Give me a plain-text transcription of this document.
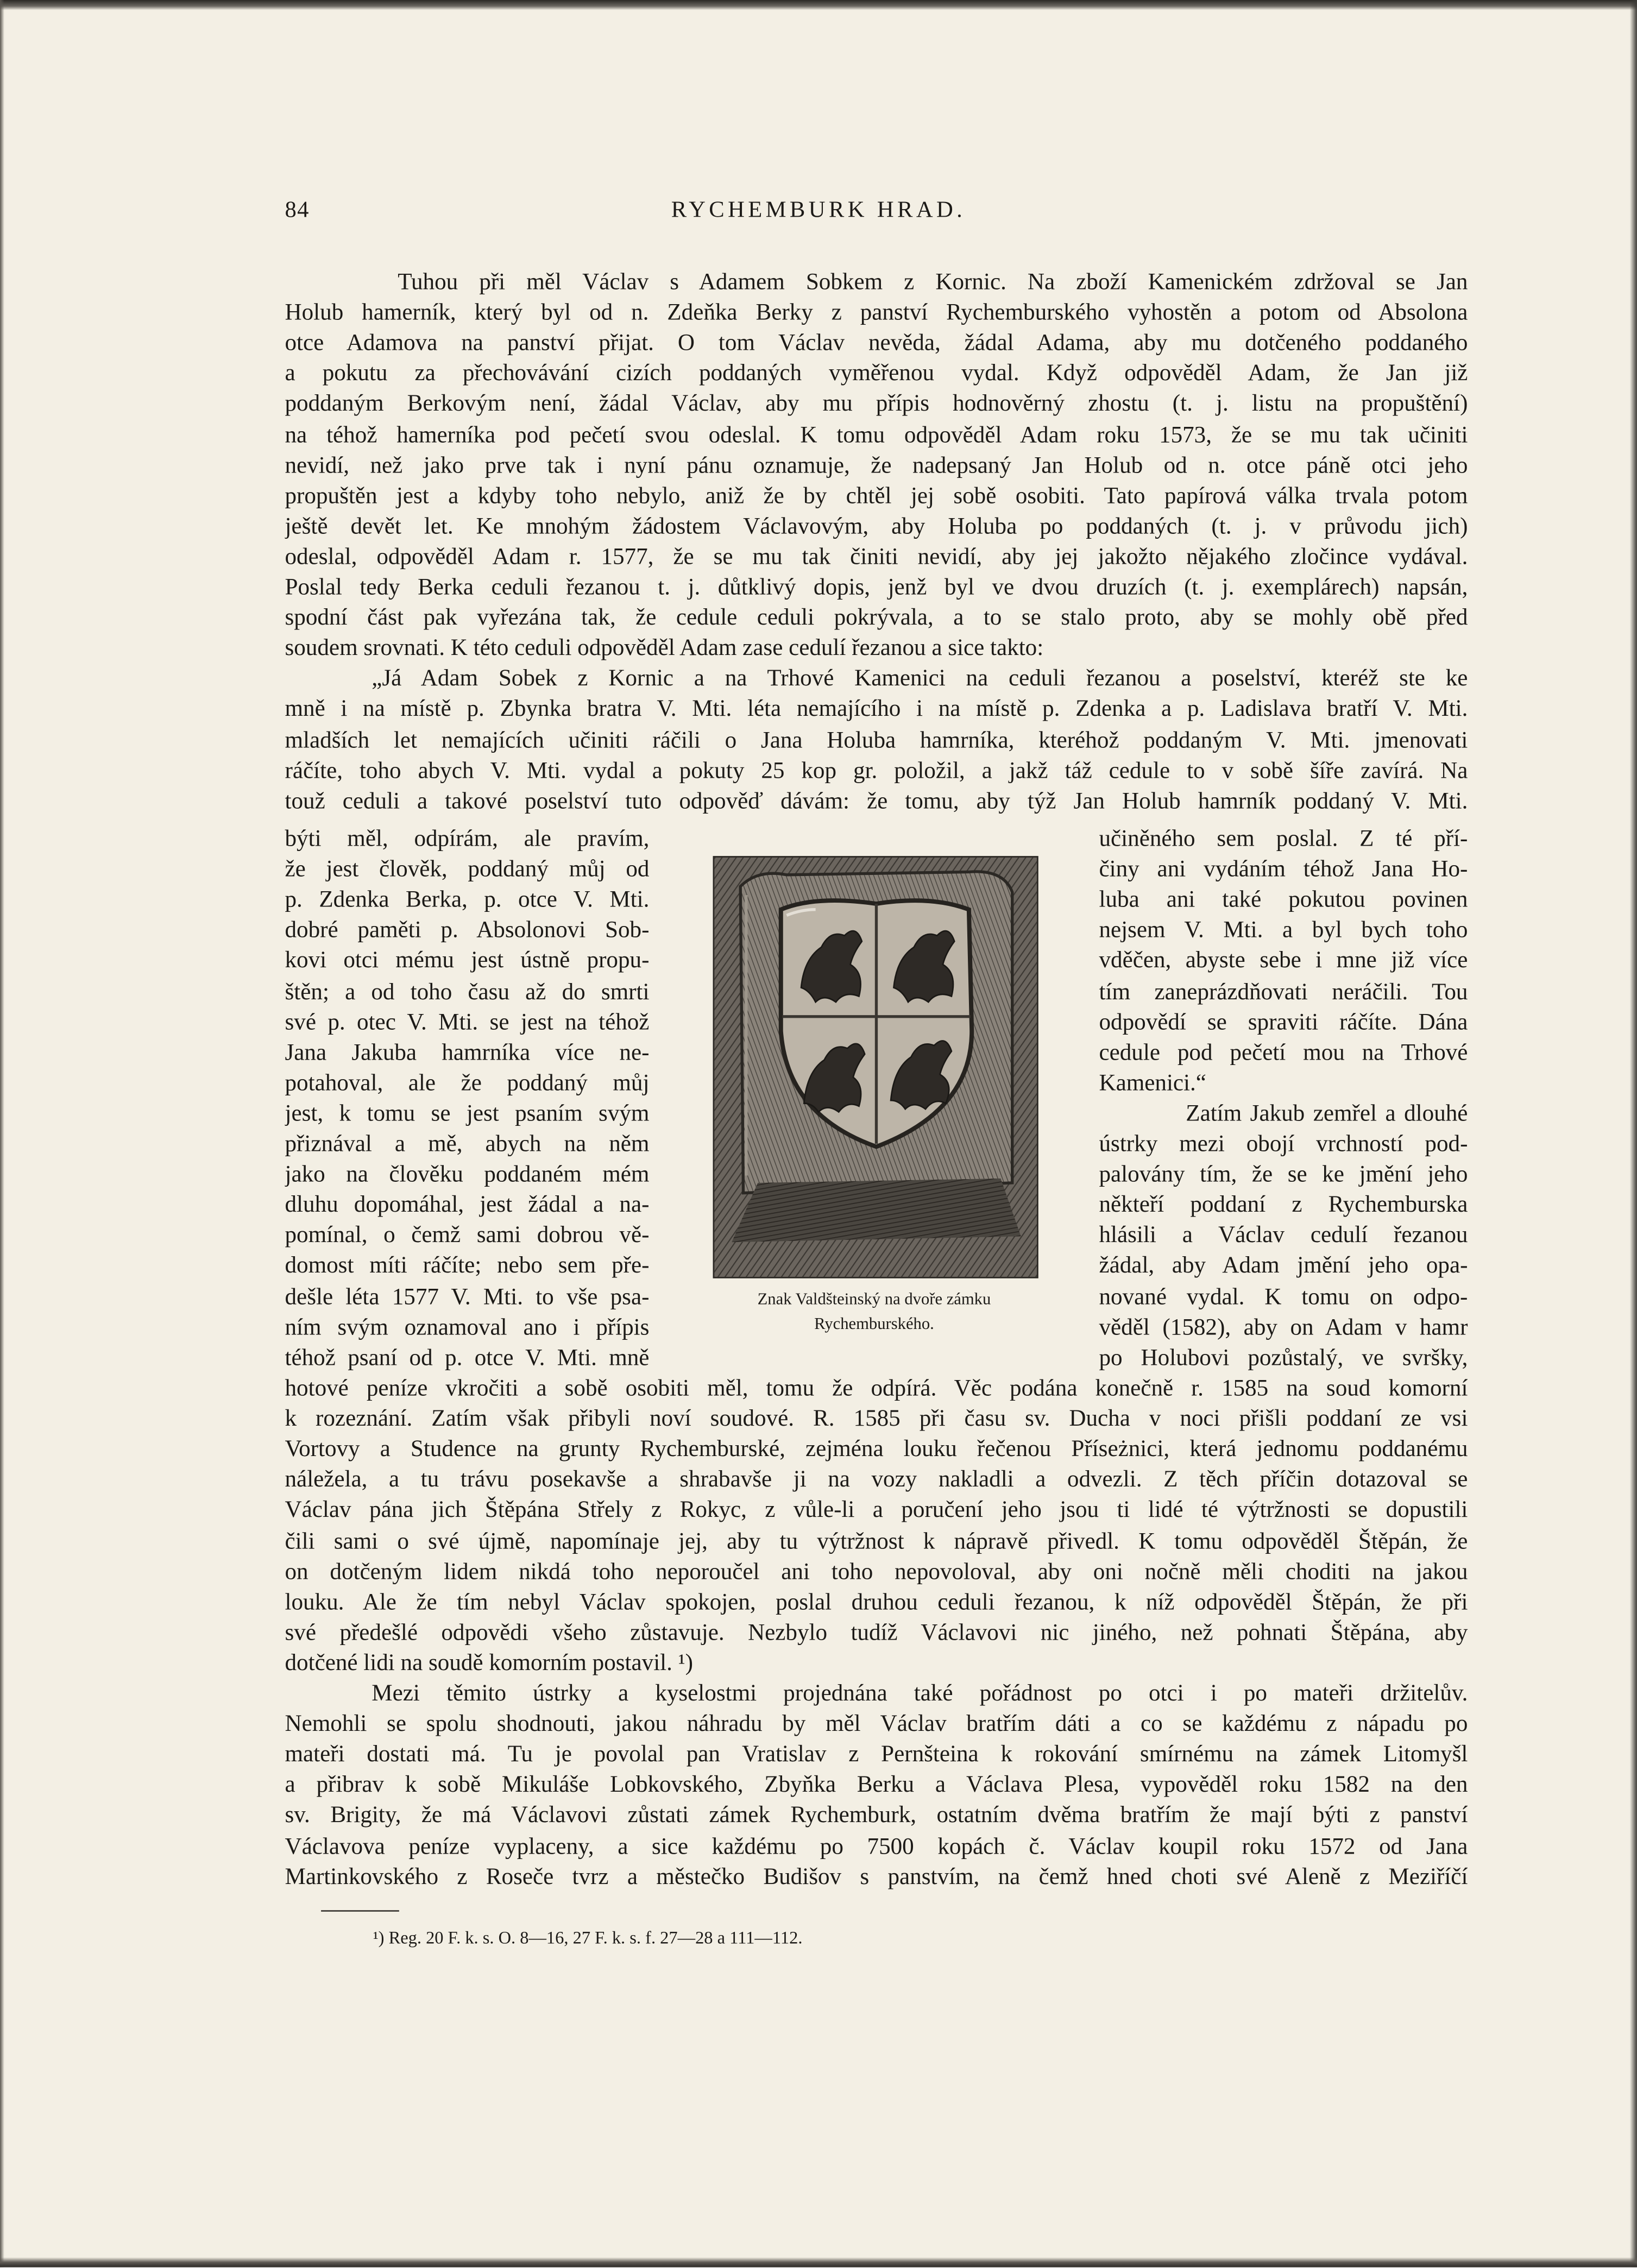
84	RYCHEMBURK HRAD.
Tuhou při měl Václav s Adamem Sobkem z Kornic. Na zboží Kamenickém zdržoval se Jan
Holub hamerník, který byl od n. Zdeňka Berky z panství Rychemburského vyhostěn a potom od Absolona
otce Adamova na panství přijat. O tom Václav nevěda, žádal Adama, aby mu dotčeného poddaného
a pokutu za přechovávání cizích poddaných vyměřenou vydal. Když odpověděl Adam, že Jan již
poddaným Berkovým není, žádal Václav, aby mu přípis hodnověrný zhostu (t. j. listu na propuštění)
na téhož hamerníka pod pečetí svou odeslal. K tomu odpověděl Adam roku 1573, že se mu tak učiniti
nevidí, než jako prve tak i nyní pánu oznamuje, že nadepsaný Jan Holub od n. otce páně otci jeho
propuštěn jest a kdyby toho nebylo, aniž že by chtěl jej sobě osobiti. Tato papírová válka trvala potom
ještě devět let. Ke mnohým žádostem Václavovým, aby Holuba po poddaných (t. j. v průvodu jich)
odeslal, odpověděl Adam r. 1577, že se mu tak činiti nevidí, aby jej jakožto nějakého zločince vydával.
Poslal tedy Berka ceduli řezanou t. j. důtklivý dopis, jenž byl ve dvou druzích (t. j. exemplárech) napsán,
spodní část pak vyřezána tak, že cedule ceduli pokrývala, a to se stalo proto, aby se mohly obě před
soudem srovnati. K této ceduli odpověděl Adam zase cedulí řezanou a sice takto:
„Já Adam Sobek z Kornic a na Trhové Kamenici na ceduli řezanou a poselství, kteréž ste ke
mně i na místě p. Zbynka bratra V. Mti. léta nemajícího i na místě p. Zdenka a p. Ladislava bratří V. Mti.
mladších let nemajících učiniti ráčili o Jana Holuba hamrníka, kteréhož poddaným V. Mti. jmenovati
ráčíte, toho abych V. Mti. vydal a pokuty 25 kop gr. položil, a jakž táž cedule to v sobě šíře zavírá. Na
touž ceduli a takové poselství tuto odpověď dávám: že tomu, aby týž Jan Holub hamrník poddaný V. Mti.
býti měl, odpírám, ale pravím,
že jest člověk, poddaný můj od
p. Zdenka Berka, p. otce V. Mti.
dobré paměti p. Absolonovi Sob-
kovi otci mému jest ústně propu-
štěn; a od toho času až do smrti
své p. otec V. Mti. se jest na téhož
Jana Jakuba hamrníka více ne-
potahoval, ale že poddaný můj
jest, k tomu se jest psaním svým
přiznával a mě, abych na něm
jako na člověku poddaném mém
dluhu dopomáhal, jest žádal a na-
pomínal, o čemž sami dobrou vě-
domost míti ráčíte; nebo sem pře-
dešle léta 1577 V. Mti. to vše psa-
ním svým oznamoval ano i přípis
téhož psaní od p. otce V. Mti. mně
Znak Valdšteinský na dvoře zámku
Rychemburského.
učiněného sem poslal. Z té pří-
činy ani vydáním téhož Jana Ho-
luba ani také pokutou povinen
nejsem V. Mti. a byl bych toho
vděčen, abyste sebe i mne již více
tím zaneprázdňovati neráčili. Tou
odpovědí se spraviti ráčíte. Dána
cedule pod pečetí mou na Trhové
Kamenici.“
Zatím Jakub zemřel a dlouhé
ústrky mezi obojí vrchností pod-
palovány tím, že se ke jmění jeho
někteří poddaní z Rychemburska
hlásili a Václav cedulí řezanou
žádal, aby Adam jmění jeho opa-
nované vydal. K tomu on odpo-
věděl (1582), aby on Adam v hamr
po Holubovi pozůstalý, ve svršky,
hotové peníze vkročiti a sobě osobiti měl, tomu že odpírá. Věc podána konečně r. 1585 na soud komorní
k rozeznání. Zatím však přibyli noví soudové. R. 1585 při času sv. Ducha v noci přišli poddaní ze vsi
Vortovy a Studence na grunty Rychemburské, zejména louku řečenou Příseżnici, která jednomu poddanému
náležela, a tu trávu posekavše a shrabavše ji na vozy nakladli a odvezli. Z těch příčin dotazoval se
Václav pána jich Štěpána Střely z Rokyc, z vůle-li a poručení jeho jsou ti lidé té výtržnosti se dopustili
čili sami o své újmě, napomínaje jej, aby tu výtržnost k nápravě přivedl. K tomu odpověděl Štěpán, že
on dotčeným lidem nikdá toho neporoučel ani toho nepovoloval, aby oni nočně měli choditi na jakou
louku. Ale že tím nebyl Václav spokojen, poslal druhou ceduli řezanou, k níž odpověděl Štěpán, že při
své předešlé odpovědi všeho zůstavuje. Nezbylo tudíž Václavovi nic jiného, než pohnati Štěpána, aby
dotčené lidi na soudě komorním postavil. ¹)
Mezi těmito ústrky a kyselostmi projednána také pořádnost po otci i po mateři držitelův.
Nemohli se spolu shodnouti, jakou náhradu by měl Václav bratřím dáti a co se každému z nápadu po
mateři dostati má. Tu je povolal pan Vratislav z Pernšteina k rokování smírnému na zámek Litomyšl
a přibrav k sobě Mikuláše Lobkovského, Zbyňka Berku a Václava Plesa, vypověděl roku 1582 na den
sv. Brigity, že má Václavovi zůstati zámek Rychemburk, ostatním dvěma bratřím že mají býti z panství
Václavova peníze vyplaceny, a sice každému po 7500 kopách č. Václav koupil roku 1572 od Jana
Martinkovského z Roseče tvrz a městečko Budišov s panstvím, na čemž hned choti své Aleně z Meziříčí
¹) Reg. 20 F. k. s. O. 8—16, 27 F. k. s. f. 27—28 a 111—112.
